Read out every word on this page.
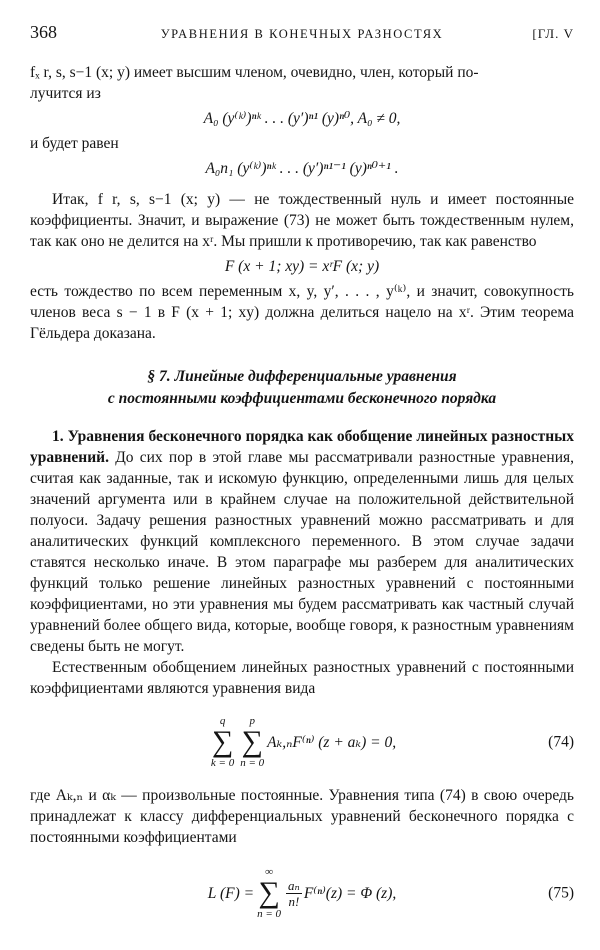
368	УРАВНЕНИЯ В КОНЕЧНЫХ РАЗНОСТЯХ	[ГЛ. V

fₓ r, s, s−1 (x; y) имеет высшим членом, очевидно, член, который по-

лучится из

A₀ (y⁽ᵏ⁾)ⁿᵏ . . . (y′)ⁿ¹ (y)ⁿ⁰, A₀ ≠ 0,

и будет равен

A₀n₁ (y⁽ᵏ⁾)ⁿᵏ . . . (y′)ⁿ¹⁻¹ (y)ⁿ⁰⁺¹ .

Итак, f r, s, s−1 (x; y) — не тождественный нуль и имеет постоянные коэффициенты. Значит, и выражение (73) не может быть тождественным нулем, так как оно не делится на xʳ. Мы пришли к противоречию, так как равенство

F (x + 1; xy) = xʳF (x; y)

есть тождество по всем переменным x, y, y′, . . . , y⁽ᵏ⁾, и значит, совокупность членов веса s − 1 в F (x + 1; xy) должна делиться нацело на xʳ. Этим теорема Гёльдера доказана.

§ 7. Линейные дифференциальные уравнения
с постоянными коэффициентами бесконечного порядка

1. Уравнения бесконечного порядка как обобщение линейных разностных уравнений. До сих пор в этой главе мы рассматривали разностные уравнения, считая как заданные, так и искомую функцию, определенными лишь для целых значений аргумента или в крайнем случае на положительной действительной полуоси. Задачу решения разностных уравнений можно рассматривать и для аналитических функций комплексного переменного. В этом случае задачи ставятся несколько иначе. В этом параграфе мы разберем для аналитических функций только решение линейных разностных уравнений с постоянными коэффициентами, но эти уравнения мы будем рассматривать как частный случай уравнений более общего вида, которые, вообще говоря, к разностным уравнениям сведены быть не могут.

Естественным обобщением линейных разностных уравнений с постоянными коэффициентами являются уравнения вида

q
∑
k = 0
p
∑
n = 0
Aₖ,ₙF⁽ⁿ⁾ (z + aₖ) = 0,	(74)

где Aₖ,ₙ и αₖ — произвольные постоянные. Уравнения типа (74) в свою очередь принадлежат к классу дифференциальных уравнений бесконечного порядка с постоянными коэффициентами

L (F) =
∞
∑
n = 0
$\frac{\text{aₙ}}{n!} F^{(n)}(z) = \Phi$ (z),	(75)
